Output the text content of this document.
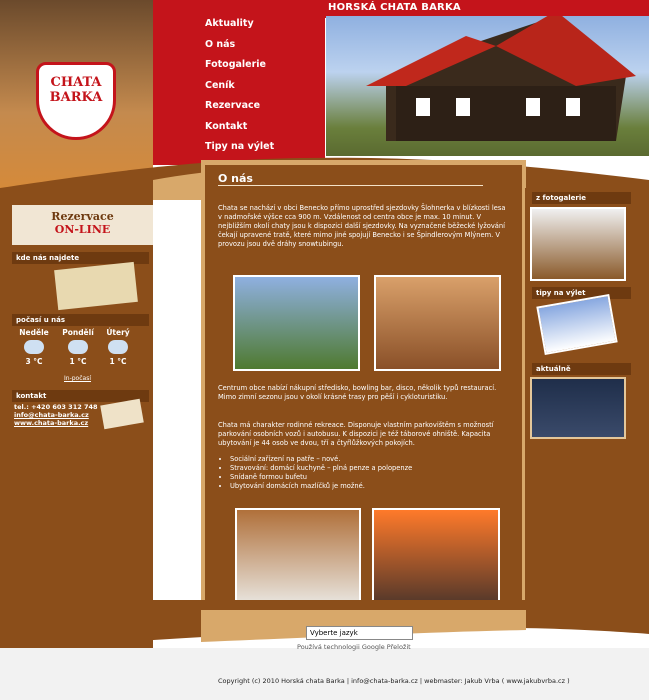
CHATA
BARKA
HORSKÁ CHATA BARKA
Aktuality
O nás
Fotogalerie
Ceník
Rezervace
Kontakt
Tipy na výlet
Rezervace
ON-LINE
kde nás najdete
počasí u nás
Neděle
3 °C
Pondělí
1 °C
Úterý
1 °C
In-počasí
kontakt
tel.: +420 603 312 748
info@chata-barka.cz
www.chata-barka.cz
O nás
Chata se nachází v obci Benecko přímo uprostřed sjezdovky Šlohnerka v blízkosti lesa v nadmořské výšce cca 900 m. Vzdálenost od centra obce je max. 10 minut. V nejbližším okolí chaty jsou k dispozici další sjezdovky. Na vyznačené běžecké lyžování čekají upravené tratě, které mimo jiné spojují Benecko i se Špindlerovým Mlýnem. V provozu jsou dvě dráhy snowtubingu.
Centrum obce nabízí nákupní středisko, bowling bar, disco, několik typů restaurací. Mimo zimní sezonu jsou v okolí krásné trasy pro pěší i cykloturistiku.
Chata má charakter rodinné rekreace. Disponuje vlastním parkovištěm s možností parkování osobních vozů i autobusu. K dispozici je též táborové ohniště. Kapacita ubytování je 44 osob ve dvou, tří a čtyřlůžkových pokojích.
• Sociální zařízení na patře – nové.
• Stravování: domácí kuchyně – plná penze a polopenze
• Snídaně formou bufetu
• Ubytování domácích mazlíčků je možné.
z fotogalerie
tipy na výlet
aktuálně
Vyberte jazyk
Používá technologii Google Přeložit
Copyright (c) 2010 Horská chata Barka | info@chata-barka.cz | webmaster: Jakub Vrba ( www.jakubvrba.cz )
